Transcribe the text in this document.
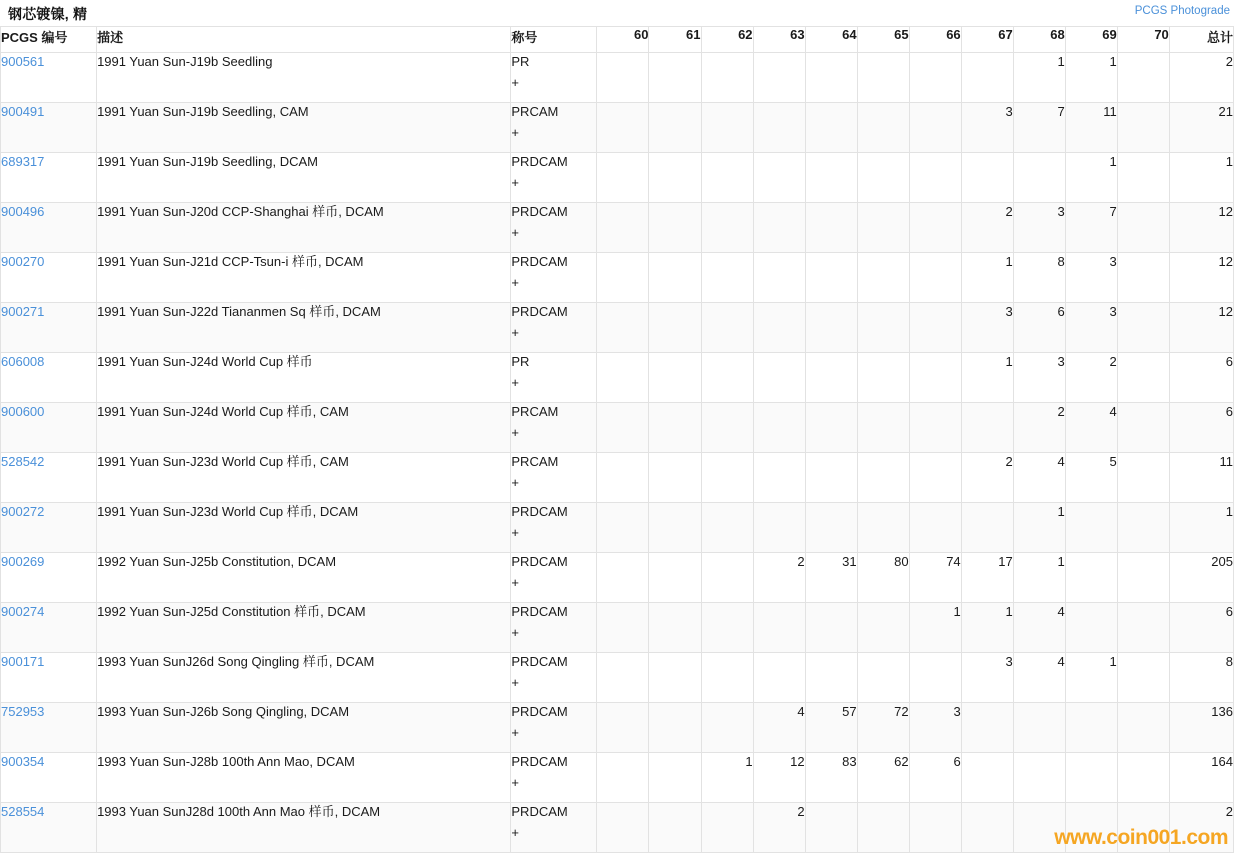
钢芯镀镍, 精	PCGS Photograde
PCGS 编号	描述	称号	60	61	62	63	64	65	66	67	68	69	70	总计
900561	1991 Yuan Sun-J19b Seedling	PR
+									1	1		2
900491	1991 Yuan Sun-J19b Seedling, CAM	PRCAM
+								3	7	11		21
689317	1991 Yuan Sun-J19b Seedling, DCAM	PRDCAM
+										1		1
900496	1991 Yuan Sun-J20d CCP-Shanghai 样币, DCAM	PRDCAM
+								2	3	7		12
900270	1991 Yuan Sun-J21d CCP-Tsun-i 样币, DCAM	PRDCAM
+								1	8	3		12
900271	1991 Yuan Sun-J22d Tiananmen Sq 样币, DCAM	PRDCAM
+								3	6	3		12
606008	1991 Yuan Sun-J24d World Cup 样币	PR
+								1	3	2		6
900600	1991 Yuan Sun-J24d World Cup 样币, CAM	PRCAM
+									2	4		6
528542	1991 Yuan Sun-J23d World Cup 样币, CAM	PRCAM
+								2	4	5		11
900272	1991 Yuan Sun-J23d World Cup 样币, DCAM	PRDCAM
+									1			1
900269	1992 Yuan Sun-J25b Constitution, DCAM	PRDCAM
+				2	31	80	74	17	1			205
900274	1992 Yuan Sun-J25d Constitution 样币, DCAM	PRDCAM
+							1	1	4			6
900171	1993 Yuan SunJ26d Song Qingling 样币, DCAM	PRDCAM
+								3	4	1		8
752953	1993 Yuan Sun-J26b Song Qingling, DCAM	PRDCAM
+				4	57	72	3					136
900354	1993 Yuan Sun-J28b 100th Ann Mao, DCAM	PRDCAM
+			1	12	83	62	6					164
528554	1993 Yuan SunJ28d 100th Ann Mao 样币, DCAM	PRDCAM
+				2								2
www.coin001.com
